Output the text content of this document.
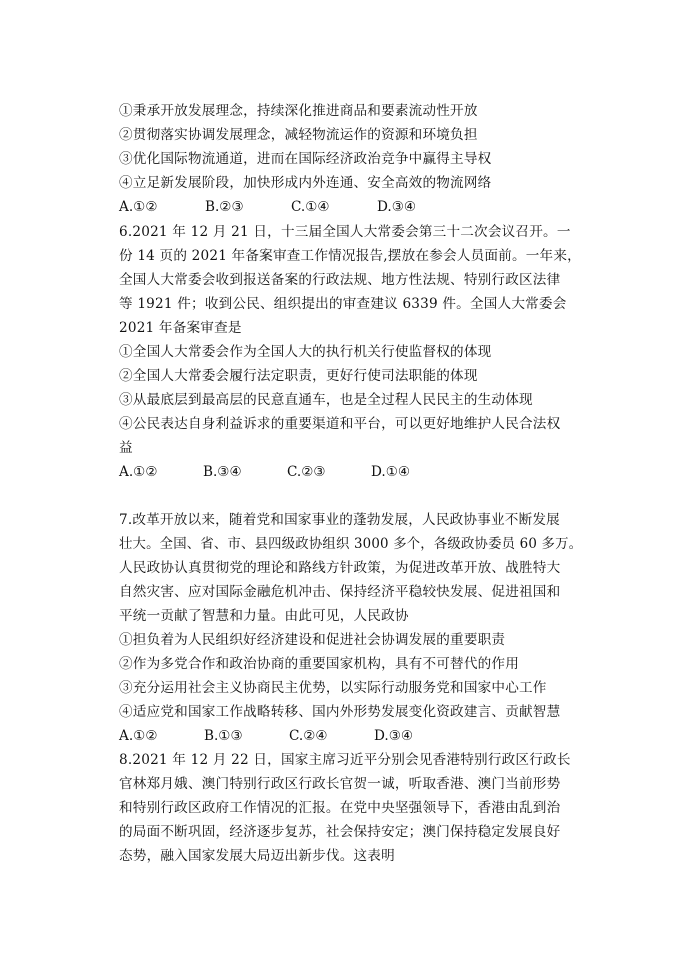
①秉承开放发展理念，持续深化推进商品和要素流动性开放
②贯彻落实协调发展理念，减轻物流运作的资源和环境负担
③优化国际物流通道，进而在国际经济政治竞争中赢得主导权
④立足新发展阶段，加快形成内外连通、安全高效的物流网络
A.①②	B.②③	C.①④	D.③④
6.2021 年 12 月 21 日，十三届全国人大常委会第三十二次会议召开。一
份 14 页的 2021 年备案审查工作情况报告,摆放在参会人员面前。一年来，
全国人大常委会收到报送备案的行政法规、地方性法规、特别行政区法律
等 1921 件；收到公民、组织提出的审查建议 6339 件。全国人大常委会
2021 年备案审查是
①全国人大常委会作为全国人大的执行机关行使监督权的体现
②全国人大常委会履行法定职责，更好行使司法职能的体现
③从最底层到最高层的民意直通车，也是全过程人民民主的生动体现
④公民表达自身利益诉求的重要渠道和平台，可以更好地维护人民合法权
益
A.①②	B.③④	C.②③	D.①④
7.改革开放以来，随着党和国家事业的蓬勃发展，人民政协事业不断发展
壮大。全国、省、市、县四级政协组织 3000 多个，各级政协委员 60 多万。
人民政协认真贯彻党的理论和路线方针政策，为促进改革开放、战胜特大
自然灾害、应对国际金融危机冲击、保持经济平稳较快发展、促进祖国和
平统一贡献了智慧和力量。由此可见，人民政协
①担负着为人民组织好经济建设和促进社会协调发展的重要职责
②作为多党合作和政治协商的重要国家机构，具有不可替代的作用
③充分运用社会主义协商民主优势，以实际行动服务党和国家中心工作
④适应党和国家工作战略转移、国内外形势发展变化资政建言、贡献智慧
A.①②	B.①③	C.②④	D.③④
8.2021 年 12 月 22 日，国家主席习近平分别会见香港特别行政区行政长
官林郑月娥、澳门特别行政区行政长官贺一诚，听取香港、澳门当前形势
和特别行政区政府工作情况的汇报。在党中央坚强领导下，香港由乱到治
的局面不断巩固，经济逐步复苏，社会保持安定；澳门保持稳定发展良好
态势，融入国家发展大局迈出新步伐。这表明
